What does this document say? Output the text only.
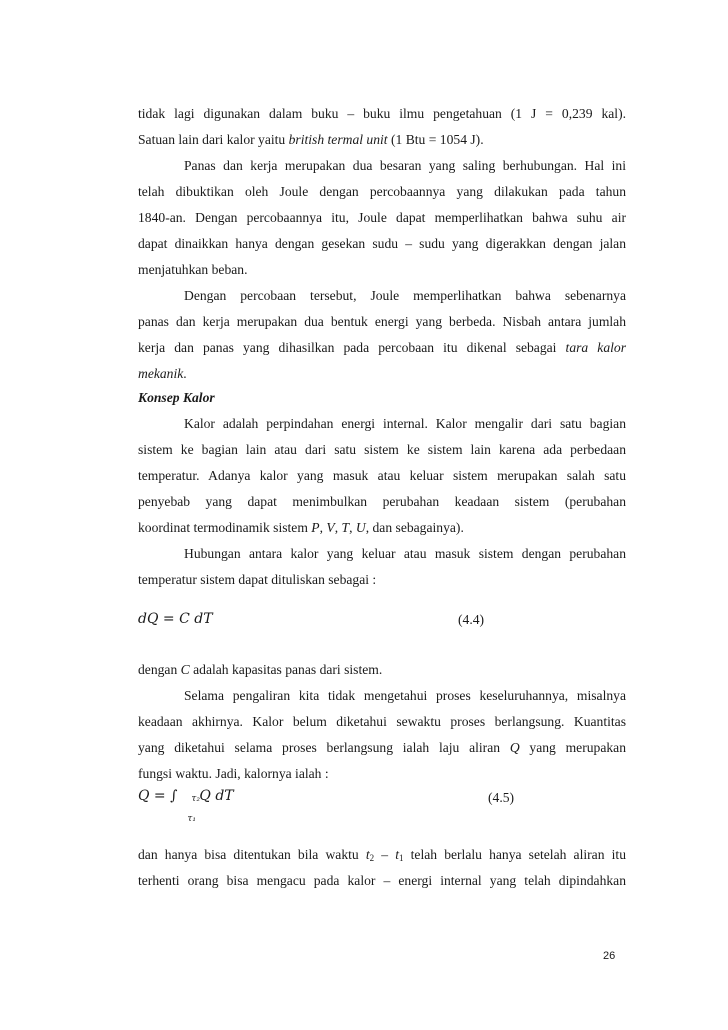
tidak lagi digunakan dalam buku – buku ilmu pengetahuan (1 J = 0,239 kal).
Satuan lain dari kalor yaitu british termal unit (1 Btu = 1054 J).
Panas dan kerja merupakan dua besaran yang saling berhubungan. Hal ini
telah dibuktikan oleh Joule dengan percobaannya yang dilakukan pada tahun
1840-an. Dengan percobaannya itu, Joule dapat memperlihatkan bahwa suhu air
dapat dinaikkan hanya dengan gesekan sudu – sudu yang digerakkan dengan jalan
menjatuhkan beban.
Dengan percobaan tersebut, Joule memperlihatkan bahwa sebenarnya
panas dan kerja merupakan dua bentuk energi yang berbeda. Nisbah antara jumlah
kerja dan panas yang dihasilkan pada percobaan itu dikenal sebagai tara kalor
mekanik.
Konsep Kalor
Kalor adalah perpindahan energi internal. Kalor mengalir dari satu bagian
sistem ke bagian lain atau dari satu sistem ke sistem lain karena ada perbedaan
temperatur. Adanya kalor yang masuk atau keluar sistem merupakan salah satu
penyebab yang dapat menimbulkan perubahan keadaan sistem (perubahan
koordinat termodinamik sistem P, V, T, U, dan sebagainya).
Hubungan antara kalor yang keluar atau masuk sistem dengan perubahan
temperatur sistem dapat dituliskan sebagai :
dQ = C dT	(4.4)
dengan C adalah kapasitas panas dari sistem.
Selama pengaliran kita tidak mengetahui proses keseluruhannya, misalnya
keadaan akhirnya. Kalor belum diketahui sewaktu proses berlangsung. Kuantitas
yang diketahui selama proses berlangsung ialah laju aliran Q yang merupakan
fungsi waktu. Jadi, kalornya ialah :
Q = ∫ τ₂
τ₁
Q dT	(4.5)
dan hanya bisa ditentukan bila waktu $t_2 - t_1$ telah berlalu hanya setelah aliran itu
terhenti orang bisa mengacu pada kalor – energi internal yang telah dipindahkan
26
